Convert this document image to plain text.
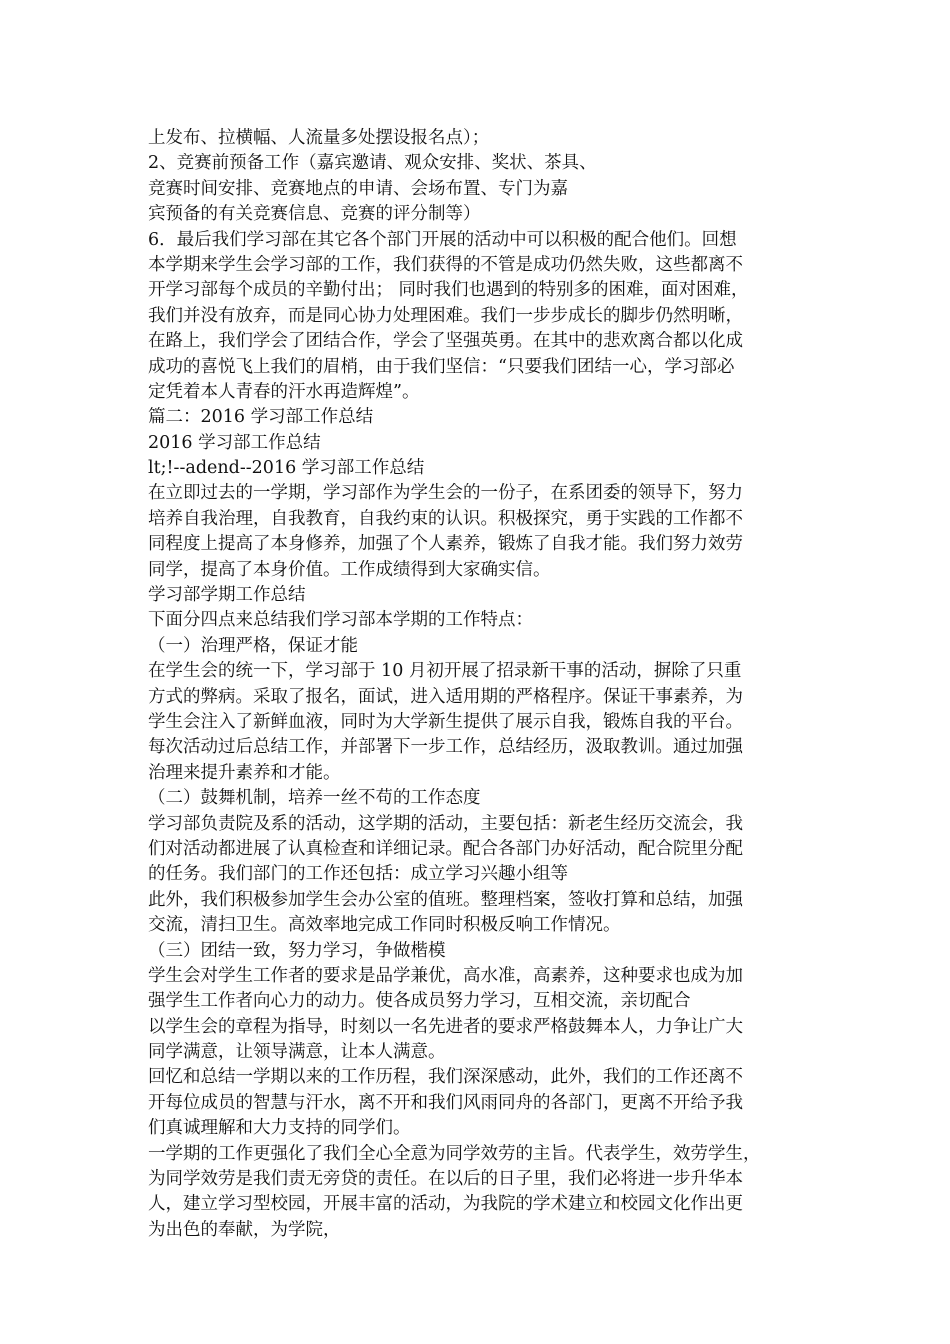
上发布、拉横幅、人流量多处摆设报名点）；
2、竞赛前预备工作（嘉宾邀请、观众安排、奖状、茶具、
竞赛时间安排、竞赛地点的申请、会场布置、专门为嘉
宾预备的有关竞赛信息、竞赛的评分制等）
6．最后我们学习部在其它各个部门开展的活动中可以积极的配合他们。回想
本学期来学生会学习部的工作，我们获得的不管是成功仍然失败，这些都离不
开学习部每个成员的辛勤付出； 同时我们也遇到的特别多的困难，面对困难，
我们并没有放弃，而是同心协力处理困难。我们一步步成长的脚步仍然明晰，
在路上，我们学会了团结合作，学会了坚强英勇。在其中的悲欢离合都以化成
成功的喜悦飞上我们的眉梢，由于我们坚信：“只要我们团结一心，学习部必
定凭着本人青春的汗水再造辉煌”。
篇二：2016 学习部工作总结
2016 学习部工作总结
lt;!--adend--2016 学习部工作总结
在立即过去的一学期，学习部作为学生会的一份子，在系团委的领导下，努力
培养自我治理，自我教育，自我约束的认识。积极探究，勇于实践的工作都不
同程度上提高了本身修养，加强了个人素养，锻炼了自我才能。我们努力效劳
同学，提高了本身价值。工作成绩得到大家确实信。
学习部学期工作总结
下面分四点来总结我们学习部本学期的工作特点：
（一）治理严格，保证才能
在学生会的统一下，学习部于 10 月初开展了招录新干事的活动，摒除了只重
方式的弊病。采取了报名，面试，进入适用期的严格程序。保证干事素养，为
学生会注入了新鲜血液，同时为大学新生提供了展示自我，锻炼自我的平台。
每次活动过后总结工作，并部署下一步工作，总结经历，汲取教训。通过加强
治理来提升素养和才能。
（二）鼓舞机制，培养一丝不苟的工作态度
学习部负责院及系的活动，这学期的活动，主要包括：新老生经历交流会，我
们对活动都进展了认真检查和详细记录。配合各部门办好活动，配合院里分配
的任务。我们部门的工作还包括：成立学习兴趣小组等
此外，我们积极参加学生会办公室的值班。整理档案，签收打算和总结，加强
交流，清扫卫生。高效率地完成工作同时积极反响工作情况。
（三）团结一致，努力学习，争做楷模
学生会对学生工作者的要求是品学兼优，高水准，高素养，这种要求也成为加
强学生工作者向心力的动力。使各成员努力学习，互相交流，亲切配合
以学生会的章程为指导，时刻以一名先进者的要求严格鼓舞本人，力争让广大
同学满意，让领导满意，让本人满意。
回忆和总结一学期以来的工作历程，我们深深感动，此外，我们的工作还离不
开每位成员的智慧与汗水，离不开和我们风雨同舟的各部门，更离不开给予我
们真诚理解和大力支持的同学们。
一学期的工作更强化了我们全心全意为同学效劳的主旨。代表学生，效劳学生，
为同学效劳是我们责无旁贷的责任。在以后的日子里，我们必将进一步升华本
人，建立学习型校园，开展丰富的活动，为我院的学术建立和校园文化作出更
为出色的奉献，为学院，
